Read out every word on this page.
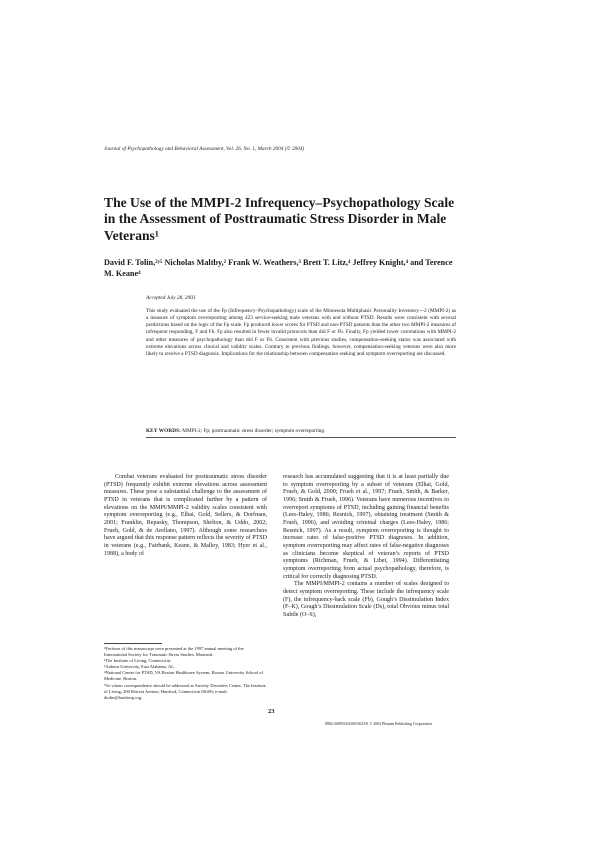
Journal of Psychopathology and Behavioral Assessment, Vol. 26, No. 1, March 2004 (© 2004)
The Use of the MMPI-2 Infrequency–Psychopathology Scale in the Assessment of Posttraumatic Stress Disorder in Male Veterans¹
David F. Tolin,²ʸ⁵ Nicholas Maltby,² Frank W. Weathers,³ Brett T. Litz,⁴ Jeffrey Knight,⁴ and Terence M. Keane⁴
Accepted July 28, 2003

This study evaluated the use of the Fp (Infrequency–Psychopathology) scale of the Minnesota Multiphasic Personality Inventory—2 (MMPI-2) as a measure of symptom overreporting among 423 service-seeking male veterans with and without PTSD. Results were consistent with several predictions based on the logic of the Fp scale. Fp produced lower scores for PTSD and non-PTSD patients than the other two MMPI-2 measures of infrequent responding, F and Fb. Fp also resulted in fewer invalid protocols than did F or Fb. Finally, Fp yielded lower correlations with MMPI-2 and other measures of psychopathology than did F or Fb. Consistent with previous studies, compensation-seeking status was associated with extreme elevations across clinical and validity scales. Contrary to previous findings, however, compensation-seeking veterans were also more likely to receive a PTSD diagnosis. Implications for the relationship between compensation seeking and symptom overreporting are discussed.

KEY WORDS: MMPI-2; Fp; posttraumatic stress disorder; symptom overreporting.

Combat veterans evaluated for posttraumatic stress disorder (PTSD) frequently exhibit extreme elevations across assessment measures. These pose a substantial challenge to the assessment of PTSD in veterans that is complicated further by a pattern of elevations on the MMPI/MMPI-2 validity scales consistent with symptom overreporting (e.g., Elhai, Gold, Sellers, & Dorfman, 2001; Franklin, Repasky, Thompson, Shelton, & Uddo, 2002; Frueh, Gold, & de Arellano, 1997). Although some researchers have argued that this response pattern reflects the severity of PTSD in veterans (e.g., Fairbank, Keane, & Malloy, 1983; Hyer et al., 1988), a body of

research has accumulated suggesting that it is at least partially due to symptom overreporting by a subset of veterans (Elhai, Gold, Frueh, & Gold, 2000; Frueh et al., 1997; Frueh, Smith, & Barker, 1996; Smith & Frueh, 1996). Veterans have numerous incentives to overreport symptoms of PTSD, including gaining financial benefits (Lees-Haley, 1986; Resnick, 1997), obtaining treatment (Smith & Frueh, 1996), and avoiding criminal charges (Lees-Haley, 1986; Resnick, 1997). As a result, symptom overreporting is thought to increase rates of false-positive PTSD diagnoses. In addition, symptom overreporting may affect rates of false-negative diagnoses as clinicians become skeptical of veteran’s reports of PTSD symptoms (Richman, Frueh, & Libet, 1994). Differentiating symptom overreporting from actual psychopathology, therefore, is critical for correctly diagnosing PTSD.

The MMPI/MMPI-2 contains a number of scales designed to detect symptom overreporting. These include the infrequency scale (F), the infrequency-back scale (Fb), Gough’s Dissimulation Index (F–K), Gough’s Dissimulation Scale (Ds), total Obvious minus total Subtle (O–S),

¹Portions of this manuscript were presented at the 1997 annual meeting of the International Society for Traumatic Stress Studies, Montreal.
²The Institute of Living, Connecticut.
³Auburn University, East Alabama, AL.
⁴National Center for PTSD, VA Boston Healthcare System, Boston University School of Medicine, Boston.
⁵To whom correspondence should be addressed at Anxiety Disorders Center, The Institute of Living, 200 Retreat Avenue, Hartford, Connecticut 06106; e-mail: dtolin@harthosp.org.
23
0882-2689/04/0300-0023/0 © 2004 Plenum Publishing Corporation
